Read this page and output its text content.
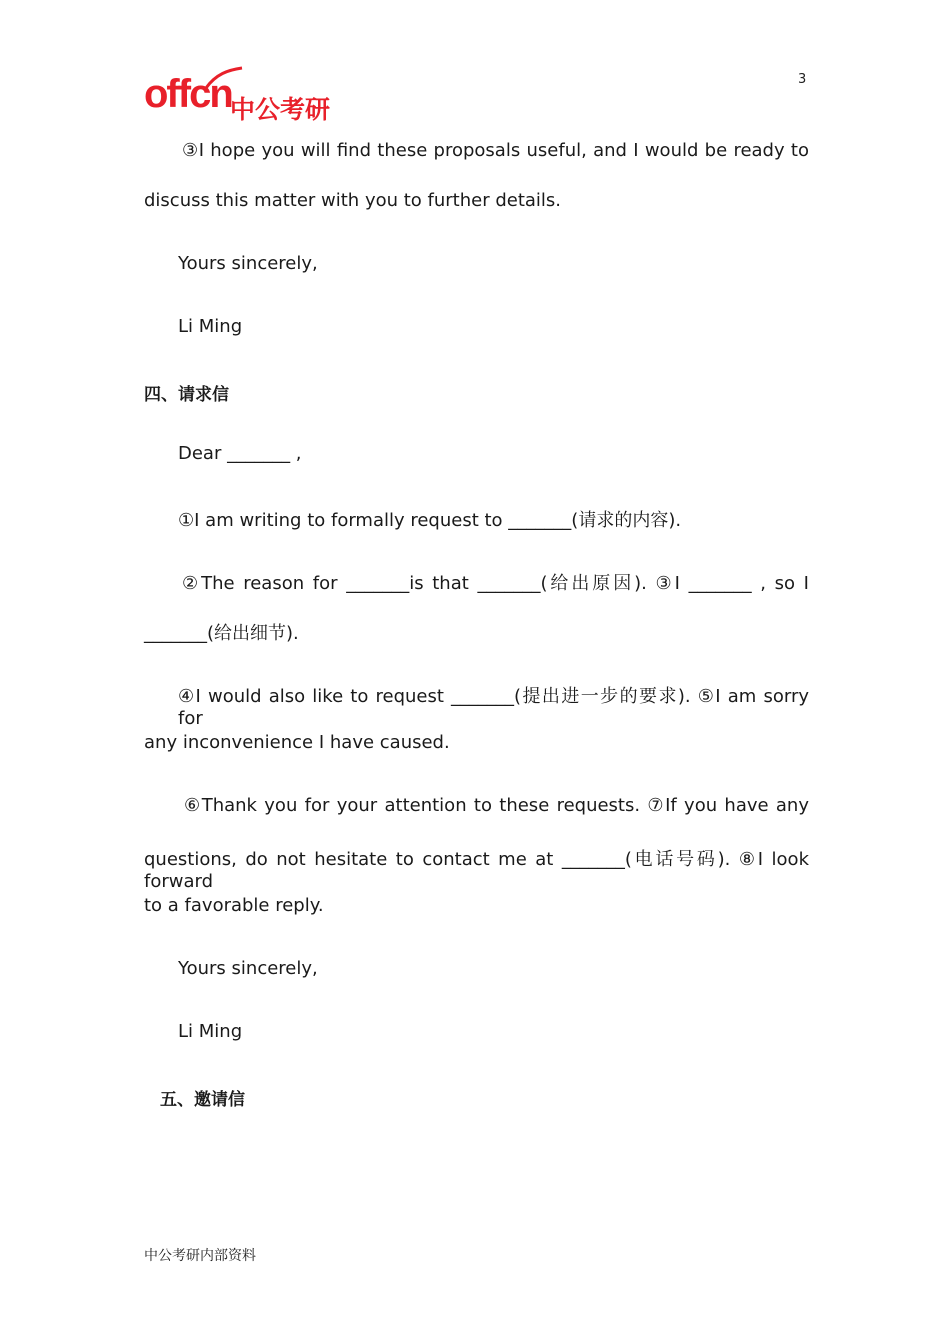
offcn
中公考研
3
③I hope you will find these proposals useful, and I would be ready to
discuss this matter with you to further details.
Yours sincerely,
Li Ming
四、请求信
Dear _______ ,
①I am writing to formally request to _______(请求的内容).
②The reason for _______is that _______(给出原因). ③I _______ , so I
_______(给出细节).
④I would also like to request _______(提出进一步的要求). ⑤I am sorry for
any inconvenience I have caused.
⑥Thank you for your attention to these requests. ⑦If you have any
questions, do not hesitate to contact me at _______(电话号码). ⑧I look forward
to a favorable reply.
Yours sincerely,
Li Ming
五、邀请信
中公考研内部资料
